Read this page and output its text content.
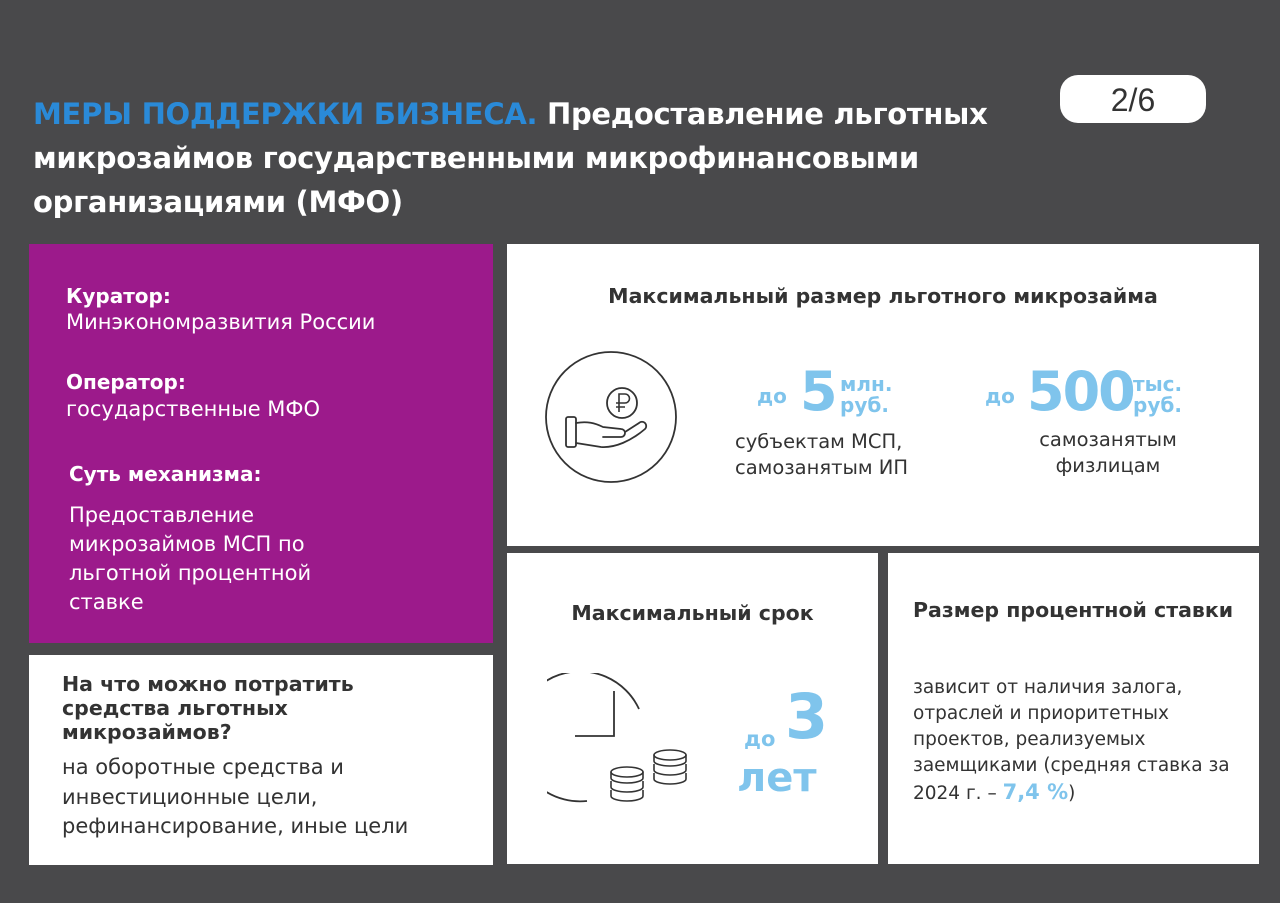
МЕРЫ ПОДДЕРЖКИ БИЗНЕСА. Предоставление льготных микрозаймов государственными микрофинансовыми организациями (МФО)
2/6
Куратор:
Минэкономразвития России
Оператор:
государственные МФО
Суть механизма:
Предоставление микрозаймов МСП по льготной процентной ставке
На что можно потратить средства льготных микрозаймов?
на оборотные средства и инвестиционные цели, рефинансирование, иные цели
Максимальный размер льготного микрозайма
до 5 млн.
руб.
субъектам МСП,
самозанятым ИП
до 500 тыс.
руб.
самозанятым
физлицам
Максимальный срок
до 3
лет
Размер процентной ставки
зависит от наличия залога, отраслей и приоритетных проектов, реализуемых заемщиками (средняя ставка за 2024 г. – 7,4 %)
